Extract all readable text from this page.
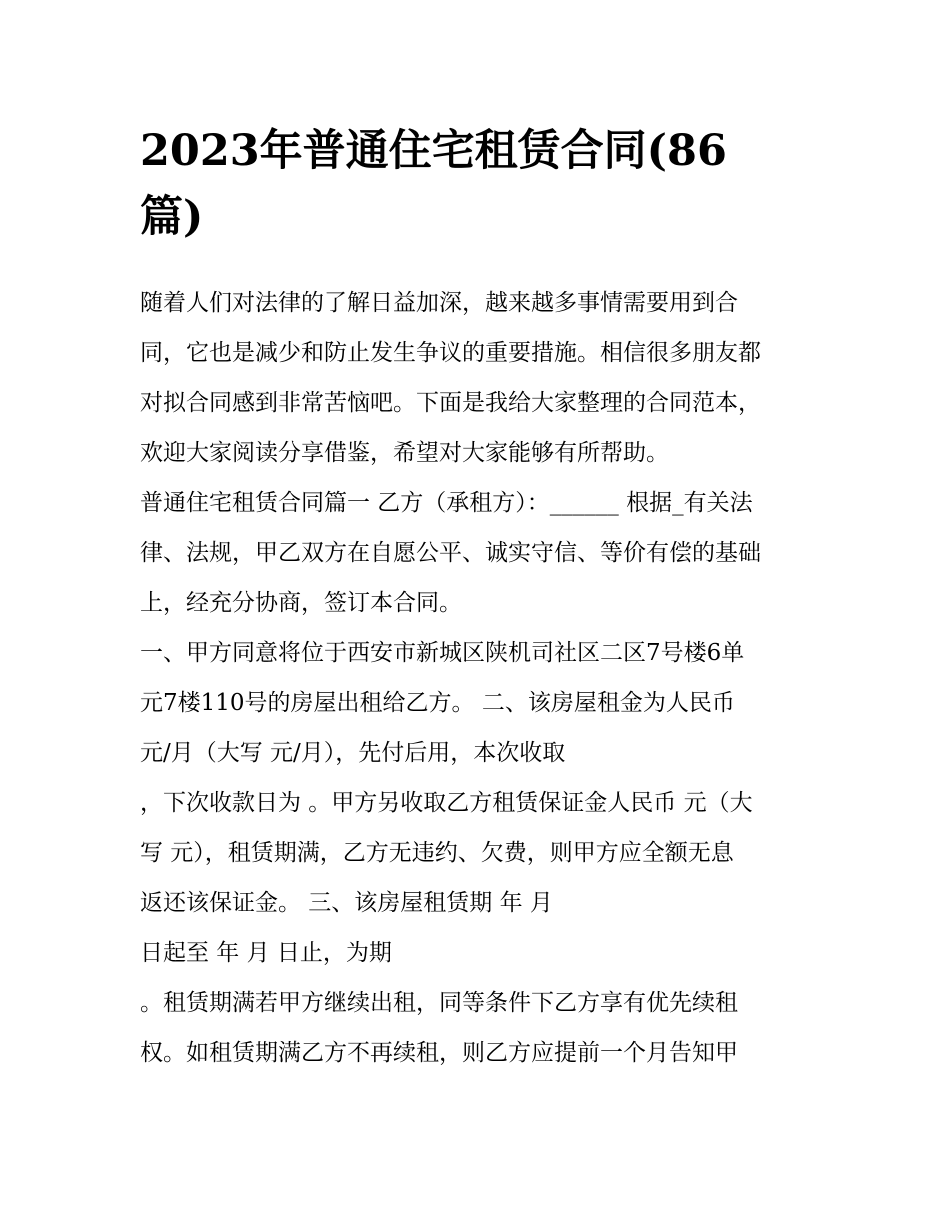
2023年普通住宅租赁合同(86
篇)

随着人们对法律的了解日益加深，越来越多事情需要用到合

同，它也是减少和防止发生争议的重要措施。相信很多朋友都

对拟合同感到非常苦恼吧。下面是我给大家整理的合同范本，

欢迎大家阅读分享借鉴，希望对大家能够有所帮助。

普通住宅租赁合同篇一 乙方（承租方）：______ 根据_有关法

律、法规，甲乙双方在自愿公平、诚实守信、等价有偿的基础

上，经充分协商，签订本合同。

一、甲方同意将位于西安市新城区陕机司社区二区7号楼6单

元7楼110号的房屋出租给乙方。 二、该房屋租金为人民币

元/月（大写 元/月），先付后用，本次收取

，下次收款日为 。甲方另收取乙方租赁保证金人民币 元（大

写 元），租赁期满，乙方无违约、欠费，则甲方应全额无息

返还该保证金。 三、该房屋租赁期 年 月

日起至 年 月 日止，为期

。租赁期满若甲方继续出租，同等条件下乙方享有优先续租

权。如租赁期满乙方不再续租，则乙方应提前一个月告知甲
